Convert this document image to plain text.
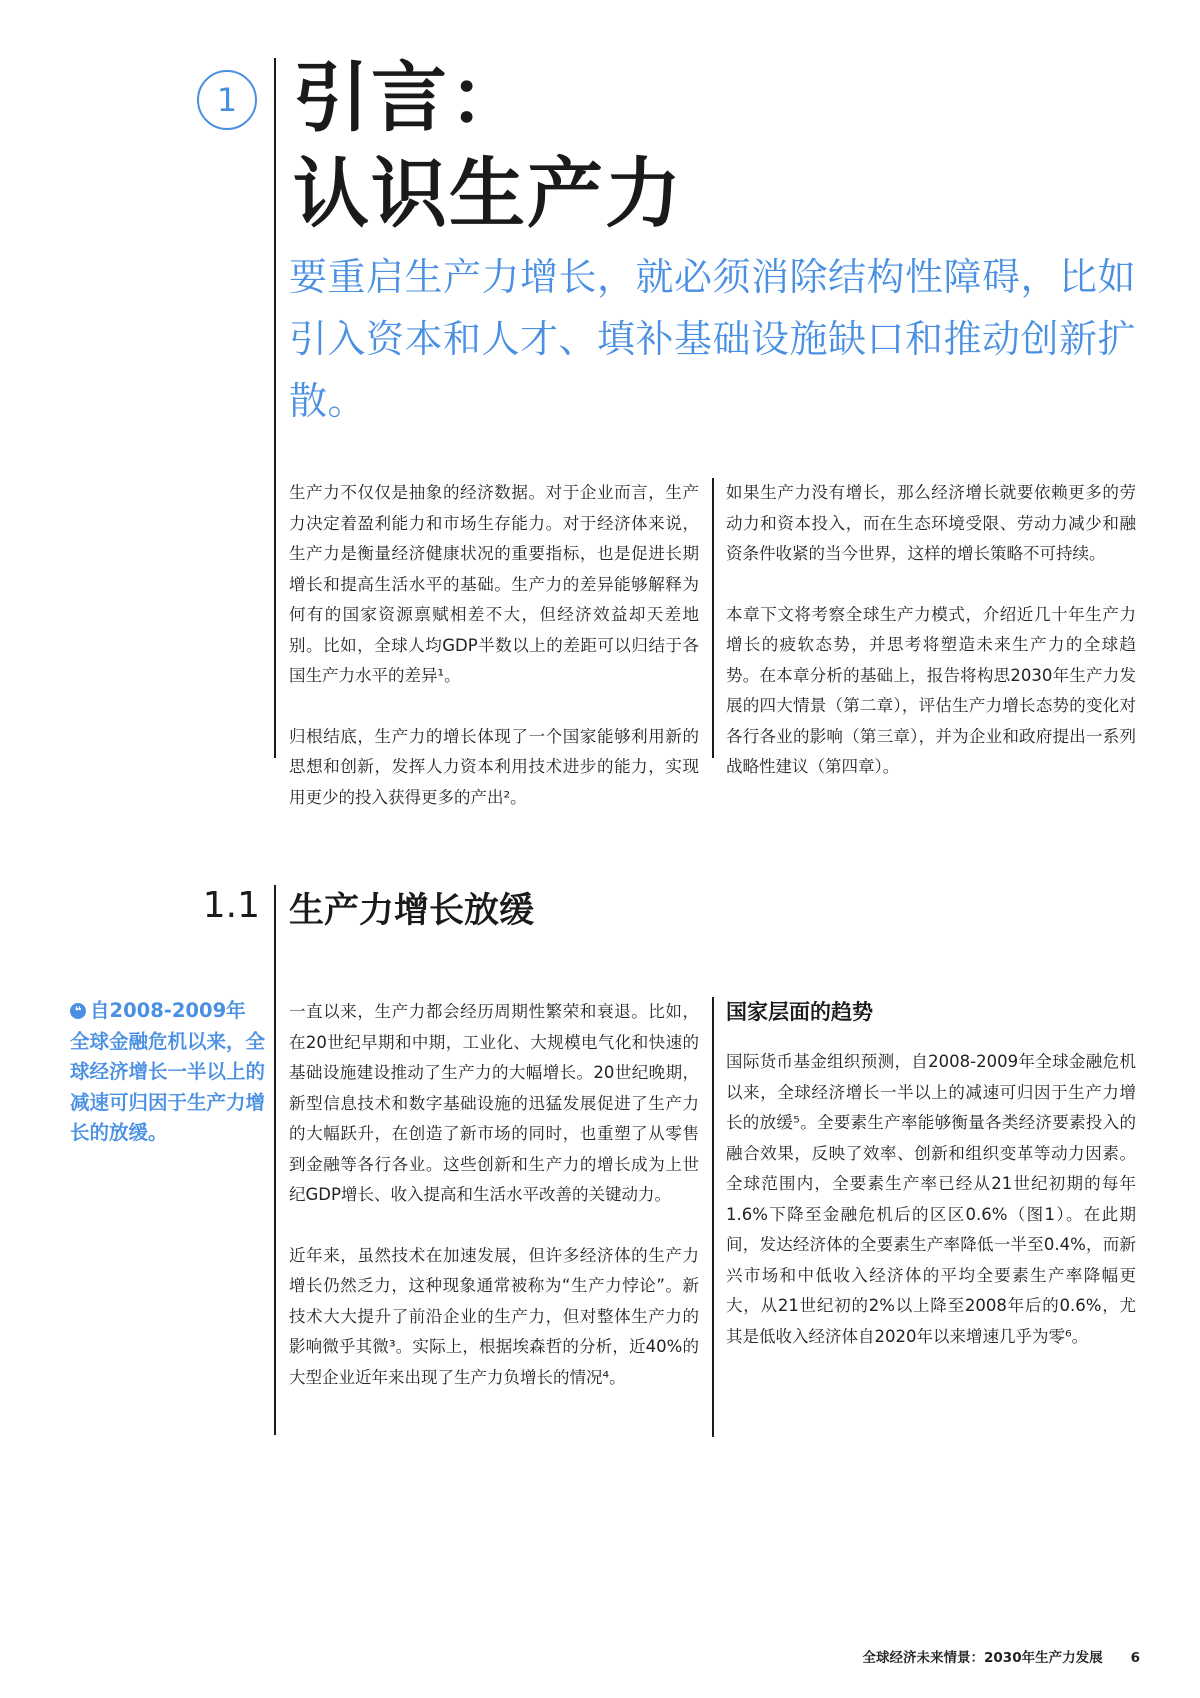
1 引言：
认识生产力
要重启生产力增长，就必须消除结构性障碍，比如引入资本和人才、填补基础设施缺口和推动创新扩散。

生产力不仅仅是抽象的经济数据。对于企业而言，生产力决定着盈利能力和市场生存能力。对于经济体来说，生产力是衡量经济健康状况的重要指标，也是促进长期增长和提高生活水平的基础。生产力的差异能够解释为何有的国家资源禀赋相差不大，但经济效益却天差地别。比如，全球人均GDP半数以上的差距可以归结于各国生产力水平的差异¹。

归根结底，生产力的增长体现了一个国家能够利用新的思想和创新，发挥人力资本利用技术进步的能力，实现用更少的投入获得更多的产出²。

如果生产力没有增长，那么经济增长就要依赖更多的劳动力和资本投入，而在生态环境受限、劳动力减少和融资条件收紧的当今世界，这样的增长策略不可持续。

本章下文将考察全球生产力模式，介绍近几十年生产力增长的疲软态势，并思考将塑造未来生产力的全球趋势。在本章分析的基础上，报告将构思2030年生产力发展的四大情景（第二章），评估生产力增长态势的变化对各行各业的影响（第三章），并为企业和政府提出一系列战略性建议（第四章）。

1.1 生产力增长放缓
❝ 自2008-2009年全球金融危机以来，全球经济增长一半以上的减速可归因于生产力增长的放缓。

一直以来，生产力都会经历周期性繁荣和衰退。比如，在20世纪早期和中期，工业化、大规模电气化和快速的基础设施建设推动了生产力的大幅增长。20世纪晚期，新型信息技术和数字基础设施的迅猛发展促进了生产力的大幅跃升，在创造了新市场的同时，也重塑了从零售到金融等各行各业。这些创新和生产力的增长成为上世纪GDP增长、收入提高和生活水平改善的关键动力。

近年来，虽然技术在加速发展，但许多经济体的生产力增长仍然乏力，这种现象通常被称为“生产力悖论”。新技术大大提升了前沿企业的生产力，但对整体生产力的影响微乎其微³。实际上，根据埃森哲的分析，近40%的大型企业近年来出现了生产力负增长的情况⁴。

国家层面的趋势

国际货币基金组织预测，自2008-2009年全球金融危机以来，全球经济增长一半以上的减速可归因于生产力增长的放缓⁵。全要素生产率能够衡量各类经济要素投入的融合效果，反映了效率、创新和组织变革等动力因素。全球范围内，全要素生产率已经从21世纪初期的每年1.6%下降至金融危机后的区区0.6%（图1）。在此期间，发达经济体的全要素生产率降低一半至0.4%，而新兴市场和中低收入经济体的平均全要素生产率降幅更大，从21世纪初的2%以上降至2008年后的0.6%，尤其是低收入经济体自2020年以来增速几乎为零⁶。

全球经济未来情景：2030年生产力发展 6
